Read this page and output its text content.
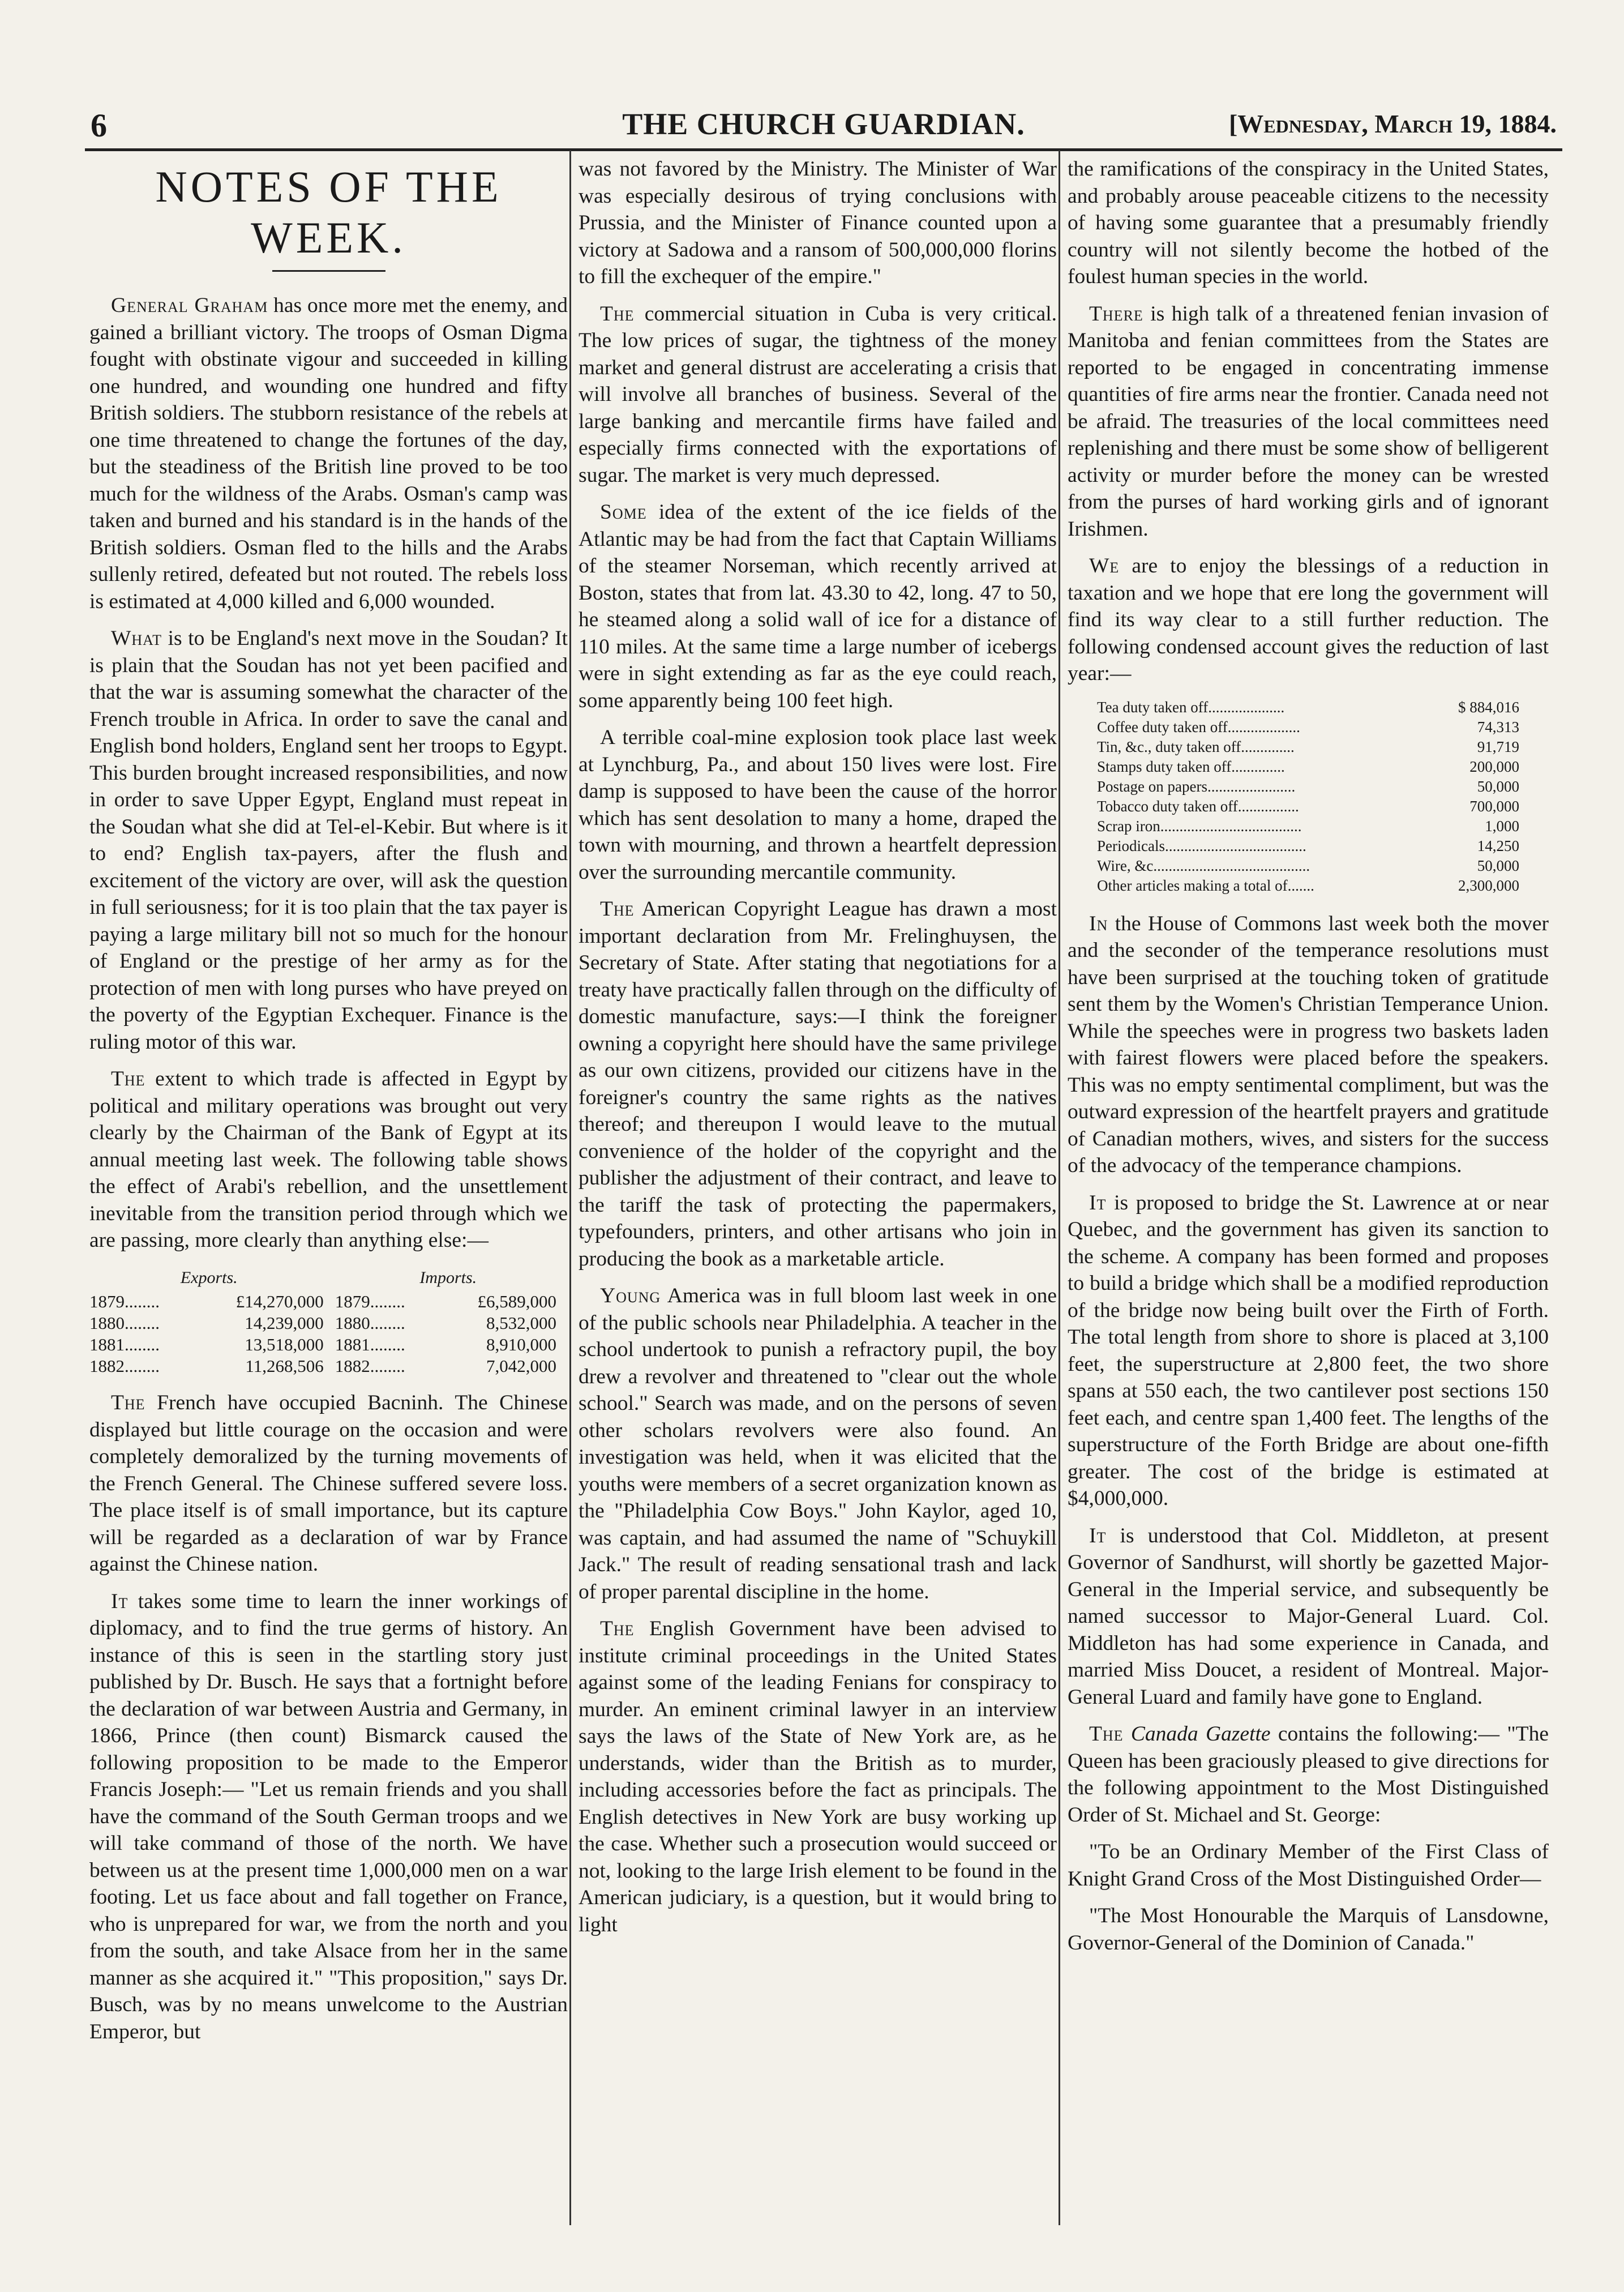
6	THE CHURCH GUARDIAN.	[Wednesday, March 19, 1884.
NOTES OF THE WEEK.

General Graham has once more met the enemy, and gained a brilliant victory. The troops of Osman Digma fought with obstinate vigour and succeeded in killing one hundred, and wounding one hundred and fifty British soldiers. The stubborn resistance of the rebels at one time threatened to change the fortunes of the day, but the steadiness of the British line proved to be too much for the wildness of the Arabs. Osman's camp was taken and burned and his standard is in the hands of the British soldiers. Osman fled to the hills and the Arabs sullenly retired, defeated but not routed. The rebels loss is estimated at 4,000 killed and 6,000 wounded.

What is to be England's next move in the Soudan? It is plain that the Soudan has not yet been pacified and that the war is assuming somewhat the character of the French trouble in Africa. In order to save the canal and English bond holders, England sent her troops to Egypt. This burden brought increased responsibilities, and now in order to save Upper Egypt, England must repeat in the Soudan what she did at Tel-el-Kebir. But where is it to end? English tax-payers, after the flush and excitement of the victory are over, will ask the question in full seriousness; for it is too plain that the tax payer is paying a large military bill not so much for the honour of England or the prestige of her army as for the protection of men with long purses who have preyed on the poverty of the Egyptian Exchequer. Finance is the ruling motor of this war.

The extent to which trade is affected in Egypt by political and military operations was brought out very clearly by the Chairman of the Bank of Egypt at its annual meeting last week. The following table shows the effect of Arabi's rebellion, and the unsettlement inevitable from the transition period through which we are passing, more clearly than anything else:—

Exports.	Imports.
1879........	£14,270,000	1879........	£6,589,000
1880........	14,239,000	1880........	8,532,000
1881........	13,518,000	1881........	8,910,000
1882........	11,268,506	1882........	7,042,000

The French have occupied Bacninh. The Chinese displayed but little courage on the occasion and were completely demoralized by the turning movements of the French General. The Chinese suffered severe loss. The place itself is of small importance, but its capture will be regarded as a declaration of war by France against the Chinese nation.

It takes some time to learn the inner workings of diplomacy, and to find the true germs of history. An instance of this is seen in the startling story just published by Dr. Busch. He says that a fortnight before the declaration of war between Austria and Germany, in 1866, Prince (then count) Bismarck caused the following proposition to be made to the Emperor Francis Joseph:— "Let us remain friends and you shall have the command of the South German troops and we will take command of those of the north. We have between us at the present time 1,000,000 men on a war footing. Let us face about and fall together on France, who is unprepared for war, we from the north and you from the south, and take Alsace from her in the same manner as she acquired it." "This proposition," says Dr. Busch, was by no means unwelcome to the Austrian Emperor, but

was not favored by the Ministry. The Minister of War was especially desirous of trying conclusions with Prussia, and the Minister of Finance counted upon a victory at Sadowa and a ransom of 500,000,000 florins to fill the exchequer of the empire."

The commercial situation in Cuba is very critical. The low prices of sugar, the tightness of the money market and general distrust are accelerating a crisis that will involve all branches of business. Several of the large banking and mercantile firms have failed and especially firms connected with the exportations of sugar. The market is very much depressed.

Some idea of the extent of the ice fields of the Atlantic may be had from the fact that Captain Williams of the steamer Norseman, which recently arrived at Boston, states that from lat. 43.30 to 42, long. 47 to 50, he steamed along a solid wall of ice for a distance of 110 miles. At the same time a large number of icebergs were in sight extending as far as the eye could reach, some apparently being 100 feet high.

A terrible coal-mine explosion took place last week at Lynchburg, Pa., and about 150 lives were lost. Fire damp is supposed to have been the cause of the horror which has sent desolation to many a home, draped the town with mourning, and thrown a heartfelt depression over the surrounding mercantile community.

The American Copyright League has drawn a most important declaration from Mr. Frelinghuysen, the Secretary of State. After stating that negotiations for a treaty have practically fallen through on the difficulty of domestic manufacture, says:—I think the foreigner owning a copyright here should have the same privilege as our own citizens, provided our citizens have in the foreigner's country the same rights as the natives thereof; and thereupon I would leave to the mutual convenience of the holder of the copyright and the publisher the adjustment of their contract, and leave to the tariff the task of protecting the papermakers, typefounders, printers, and other artisans who join in producing the book as a marketable article.

Young America was in full bloom last week in one of the public schools near Philadelphia. A teacher in the school undertook to punish a refractory pupil, the boy drew a revolver and threatened to "clear out the whole school." Search was made, and on the persons of seven other scholars revolvers were also found. An investigation was held, when it was elicited that the youths were members of a secret organization known as the "Philadelphia Cow Boys." John Kaylor, aged 10, was captain, and had assumed the name of "Schuykill Jack." The result of reading sensational trash and lack of proper parental discipline in the home.

The English Government have been advised to institute criminal proceedings in the United States against some of the leading Fenians for conspiracy to murder. An eminent criminal lawyer in an interview says the laws of the State of New York are, as he understands, wider than the British as to murder, including accessories before the fact as principals. The English detectives in New York are busy working up the case. Whether such a prosecution would succeed or not, looking to the large Irish element to be found in the American judiciary, is a question, but it would bring to light

the ramifications of the conspiracy in the United States, and probably arouse peaceable citizens to the necessity of having some guarantee that a presumably friendly country will not silently become the hotbed of the foulest human species in the world.

There is high talk of a threatened fenian invasion of Manitoba and fenian committees from the States are reported to be engaged in concentrating immense quantities of fire arms near the frontier. Canada need not be afraid. The treasuries of the local committees need replenishing and there must be some show of belligerent activity or murder before the money can be wrested from the purses of hard working girls and of ignorant Irishmen.

We are to enjoy the blessings of a reduction in taxation and we hope that ere long the government will find its way clear to a still further reduction. The following condensed account gives the reduction of last year:—

Tea duty taken off....................	$ 884,016
Coffee duty taken off...................	74,313
Tin, &c., duty taken off..............	91,719
Stamps duty taken off..............	200,000
Postage on papers.......................	50,000
Tobacco duty taken off................	700,000
Scrap iron.....................................	1,000
Periodicals.....................................	14,250
Wire, &c.........................................	50,000
Other articles making a total of.......	2,300,000

In the House of Commons last week both the mover and the seconder of the temperance resolutions must have been surprised at the touching token of gratitude sent them by the Women's Christian Temperance Union. While the speeches were in progress two baskets laden with fairest flowers were placed before the speakers. This was no empty sentimental compliment, but was the outward expression of the heartfelt prayers and gratitude of Canadian mothers, wives, and sisters for the success of the advocacy of the temperance champions.

It is proposed to bridge the St. Lawrence at or near Quebec, and the government has given its sanction to the scheme. A company has been formed and proposes to build a bridge which shall be a modified reproduction of the bridge now being built over the Firth of Forth. The total length from shore to shore is placed at 3,100 feet, the superstructure at 2,800 feet, the two shore spans at 550 each, the two cantilever post sections 150 feet each, and centre span 1,400 feet. The lengths of the superstructure of the Forth Bridge are about one-fifth greater. The cost of the bridge is estimated at $4,000,000.

It is understood that Col. Middleton, at present Governor of Sandhurst, will shortly be gazetted Major-General in the Imperial service, and subsequently be named successor to Major-General Luard. Col. Middleton has had some experience in Canada, and married Miss Doucet, a resident of Montreal. Major-General Luard and family have gone to England.

The Canada Gazette contains the following:— "The Queen has been graciously pleased to give directions for the following appointment to the Most Distinguished Order of St. Michael and St. George:

"To be an Ordinary Member of the First Class of Knight Grand Cross of the Most Distinguished Order—

"The Most Honourable the Marquis of Lansdowne, Governor-General of the Dominion of Canada."
